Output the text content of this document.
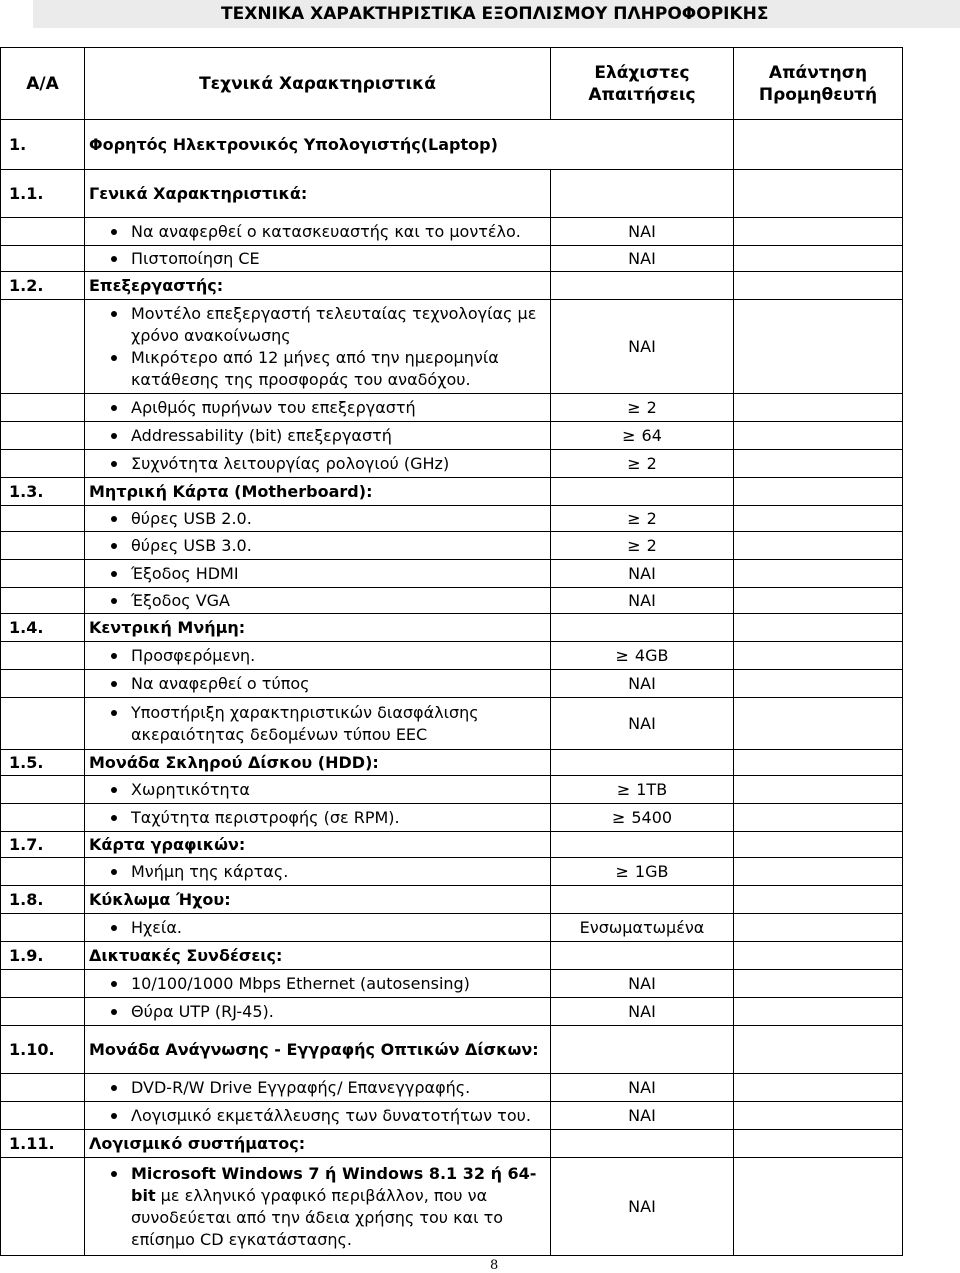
ΤΕΧΝΙΚΑ ΧΑΡΑΚΤΗΡΙΣΤΙΚΑ ΕΞΟΠΛΙΣΜΟΥ ΠΛΗΡΟΦΟΡΙΚΗΣ
Α/Α	Τεχνικά Χαρακτηριστικά	Ελάχιστες Απαιτήσεις	Απάντηση Προμηθευτή
1.	Φορητός Ηλεκτρονικός Υπολογιστής(Laptop)		
1.1.	Γενικά Χαρακτηριστικά:		

	Να αναφερθεί ο κατασκευαστής και το μοντέλο.	ΝΑΙ	

	Πιστοποίηση CE	ΝΑΙ	
1.2.	Επεξεργαστής:		

	Μοντέλο επεξεργαστή τελευταίας τεχνολογίας με χρόνο ανακοίνωσης
Μικρότερο από 12 μήνες από την ημερομηνία κατάθεσης της προσφοράς του αναδόχου.	ΝΑΙ	

	Αριθμός πυρήνων του επεξεργαστή	≥ 2	

	Addressability (bit) επεξεργαστή	≥ 64	

	Συχνότητα λειτουργίας ρολογιού (GHz)	≥ 2	
1.3.	Μητρική Κάρτα (Motherboard):		

	θύρες USB 2.0.	≥ 2	

	θύρες USB 3.0.	≥ 2	

	Έξοδος HDMI	ΝΑΙ	

	Έξοδος VGA	ΝΑΙ	
1.4.	Κεντρική Μνήμη:		

	Προσφερόμενη.	≥ 4GB	

	Να αναφερθεί ο τύπος	ΝΑΙ	

	Υποστήριξη χαρακτηριστικών διασφάλισης ακεραιότητας δεδομένων τύπου EEC	ΝΑΙ	
1.5.	Μονάδα Σκληρού Δίσκου (HDD):		

	Χωρητικότητα	≥ 1TB	

	Ταχύτητα περιστροφής (σε RPM).	≥ 5400	
1.7.	Κάρτα γραφικών:		

	Μνήμη της κάρτας.	≥ 1GB	
1.8.	Κύκλωμα Ήχου:		

	Ηχεία.	Ενσωματωμένα	
1.9.	Δικτυακές Συνδέσεις:		

	10/100/1000 Mbps Ethernet (autosensing)	ΝΑΙ	

	Θύρα UTP (RJ-45).	ΝΑΙ	
1.10.	Μονάδα Ανάγνωσης - Εγγραφής Οπτικών Δίσκων:		

	DVD-R/W Drive Εγγραφής/ Επανεγγραφής.	ΝΑΙ	

	Λογισμικό εκμετάλλευσης των δυνατοτήτων του.	ΝΑΙ	
1.11.	Λογισμικό συστήματος:		

	Microsoft Windows 7 ή Windows 8.1 32 ή 64-bit με ελληνικό γραφικό περιβάλλον, που να συνοδεύεται από την άδεια χρήσης του και το επίσημο CD εγκατάστασης.	ΝΑΙ	
8
